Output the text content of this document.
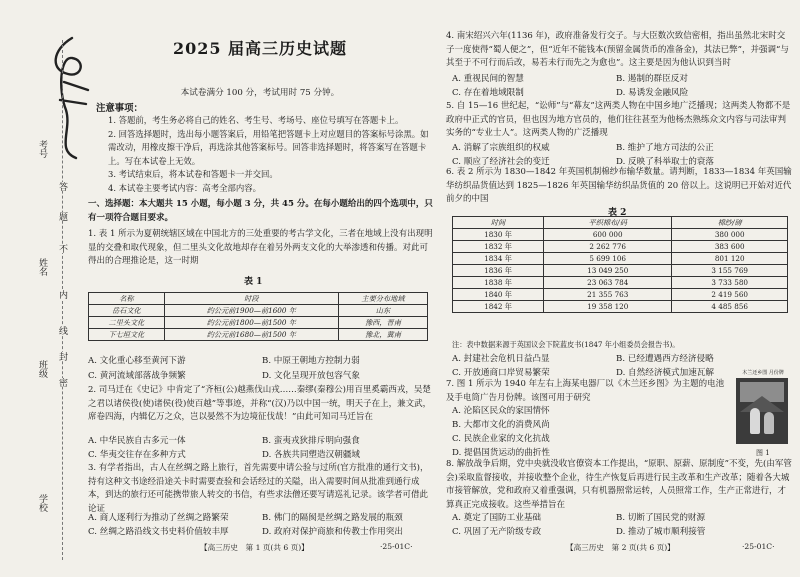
考号
姓名
班级
学校
答
题
不
内
线
封
密
2025 届高三历史试题
本试卷满分 100 分，考试用时 75 分钟。
注意事项：
1. 答题前，考生务必将自己的姓名、考生号、考场号、座位号填写在答题卡上。
2. 回答选择题时，选出每小题答案后，用铅笔把答题卡上对应题目的答案标号涂黑。如需改动，用橡皮擦干净后，再选涂其他答案标号。回答非选择题时，将答案写在答题卡上。写在本试卷上无效。
3. 考试结束后，将本试卷和答题卡一并交回。
4. 本试卷主要考试内容：高考全部内容。
一、选择题：本大题共 15 小题，每小题 3 分，共 45 分。在每小题给出的四个选项中，只有一项符合题目要求。
1. 表 1 所示为夏朝统辖区域在中国北方的三处重要的考古学文化，三者在地域上没有出现明显的交叠和取代现象，但二里头文化故地却存在着另外两支文化的大举渗透和传播。对此可得出的合理推论是，这一时期
表 1
名称	时段	主要分布地域
岳石文化	约公元前1900—前1600 年	山东
二里头文化	约公元前1800—前1500 年	豫西，晋南
下七垣文化	约公元前1680—前1500 年	豫北，冀南
A. 文化重心移至黄河下游	B. 中原王朝地方控制力弱
C. 黄河流域部落战争频繁	D. 文化呈现开放包容气象
2. 司马迁在《史记》中肯定了“齐桓(公)越燕伐山戎……秦缪(秦穆公)用百里奚霸西戎，吴楚之君以诸侯役(使)诸侯(役)使百越”等事迹，并称“(汉)乃以中国一统，明天子在上，兼文武，席卷四海，内辑亿万之众，岂以晏然不为边境征伐哉！”由此可知司马迁旨在
A. 中华民族自古多元一体	B. 蛮夷戎狄排斥明向强食
C. 华夷交往存在多种方式	D. 各族共同塑造汉朝疆域
3. 有学者指出，古人在丝绸之路上旅行，首先需要申请公验与过所(官方批准的通行文书)，持有这种文书途经沿途关卡时需要查验和会话经过的关隘，出入需要时间从批准到通行成本，到达的旅行还可能携带旅人转交的书信，有些求法僧还要写请巡礼记录。该学者可借此论证
A. 商人逐利行为推动了丝绸之路繁荣	B. 佛门的隔阂是丝绸之路发展的瓶颈
C. 丝绸之路沿线文书史料价值较丰厚	D. 政府对保护商旅和传教士作用突出
【高三历史　第 1 页(共 6 页)】	·25-01C·
4. 南宋绍兴六年(1136 年)，政府准备发行交子。与大臣数次致信密相，指出虽然北宋时交子一度使得“蜀人便之”，但“近年不能钱本(预留金属货币的准备金)，其法已弊”，并强调“与其至于不可行而后改，易若未行而先之为愈也”。这主要是因为他认识到当时
A. 重视民间的智慧	B. 遏制的群臣反对
C. 存在着地域限制	D. 易诱发金融风险
5. 自 15—16 世纪起，“讼师”与“幕友”这两类人物在中国乡地广泛播现；这两类人物都不是政府中正式的官员，但也因为地方官员的，他们往往甚至为他杨杰熟练众文内容与司法审判实务的“专业士人”。这两类人物的广泛播现
A. 消解了宗族组织的权威	B. 维护了地方司法的公正
C. 顺应了经济社会的变迁	D. 反映了科举取士的衰落
6. 表 2 所示为 1830—1842 年英国机制棉纱布输华数量。请判断，1833—1834 年英国输华纺织品货值达到 1825—1826 年英国输华纺织品货值的 20 倍以上。这说明已开始对近代前夕的中国
表 2
时间	平织棉布/码	棉纱/磅
1830 年	600 000	380 000
1832 年	2 262 776	383 600
1834 年	5 699 106	801 120
1836 年	13 049 250	3 155 769
1838 年	23 063 784	3 733 580
1840 年	21 355 763	2 419 560
1842 年	19 358 120	4 485 856
注：表中数据来源于英国议会下院蓝皮书(1847 年小组委员会报告书)。
A. 封建社会危机日益凸显	B. 已经遭遇西方经济侵略
C. 开放通商口岸贸易繁荣	D. 自然经济模式加速瓦解
7. 图 1 所示为 1940 年左右上海某电器厂以《木兰还乡图》为主题的电池及手电筒广告月份牌。该图可用于研究
A. 沦陷区民众的家国情怀
B. 大都市文化的消费风尚
C. 民族企业家的文化抗战
D. 提倡国货运动的曲折性
木兰还乡图 月份牌
图 1
8. 解放战争后期，党中央就没收官僚资本工作提出，“原职、原薪、原制度”不变，先(由军管会)采取监督接收，并接收整个企业，待生产恢复后再进行民主改革和生产改革；随着各大城市接管解放，党和政府又着重强调，只有机器照常运转，人员照常工作，生产正常进行，才算真正完成接收。这些举措旨在
A. 奠定了国防工业基础	B. 切断了国民党的财源
C. 巩固了无产阶级专政	D. 推动了城市顺利接管
【高三历史　第 2 页(共 6 页)】	·25-01C·
